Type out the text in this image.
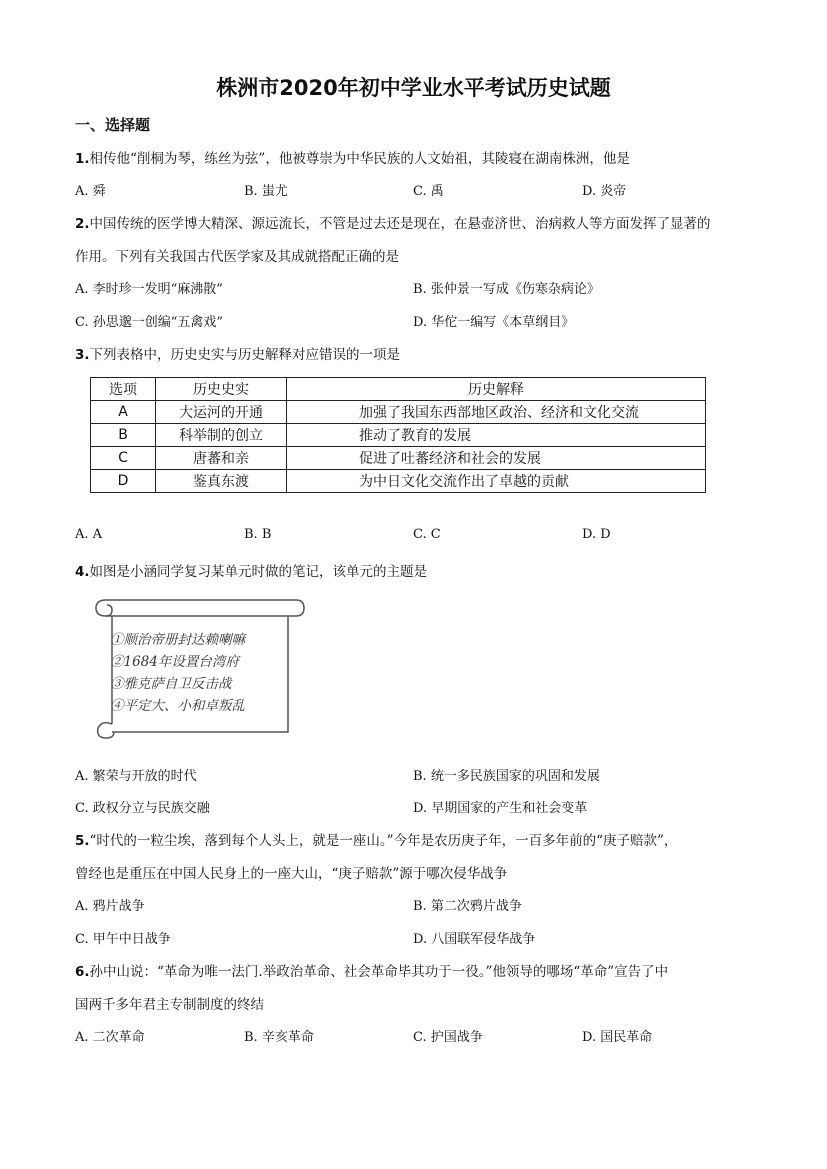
株洲市2020年初中学业水平考试历史试题
一、选择题
1.相传他“削桐为琴，练丝为弦”，他被尊崇为中华民族的人文始祖，其陵寝在湖南株洲，他是
A. 舜	B. 蚩尤	C. 禹	D. 炎帝
2.中国传统的医学博大精深、源远流长，不管是过去还是现在，在悬壶济世、治病救人等方面发挥了显著的
作用。下列有关我国古代医学家及其成就搭配正确的是
A. 李时珍一发明“麻沸散”	B. 张仲景一写成《伤寒杂病论》
C. 孙思邈一创编“五禽戏”	D. 华佗一编写《本草纲目》
3.下列表格中，历史史实与历史解释对应错误的一项是
选项	历史史实	历史解释
A	大运河的开通	加强了我国东西部地区政治、经济和文化交流
B	科举制的创立	推动了教育的发展
C	唐蕃和亲	促进了吐蕃经济和社会的发展
D	鉴真东渡	为中日文化交流作出了卓越的贡献
A. A	B. B	C. C	D. D
4.如图是小涵同学复习某单元时做的笔记，该单元的主题是
①顺治帝册封达赖喇嘛
②1684年设置台湾府
③雅克萨自卫反击战
④平定大、小和卓叛乱
A. 繁荣与开放的时代	B. 统一多民族国家的巩固和发展
C. 政权分立与民族交融	D. 早期国家的产生和社会变革
5.“时代的一粒尘埃，落到每个人头上，就是一座山。”今年是农历庚子年，一百多年前的“庚子赔款”，
曾经也是重压在中国人民身上的一座大山，“庚子赔款”源于哪次侵华战争
A. 鸦片战争	B. 第二次鸦片战争
C. 甲午中日战争	D. 八国联军侵华战争
6.孙中山说：“革命为唯一法门.举政治革命、社会革命毕其功于一役。”他领导的哪场“革命”宣告了中
国两千多年君主专制制度的终结
A. 二次革命	B. 辛亥革命	C. 护国战争	D. 国民革命
